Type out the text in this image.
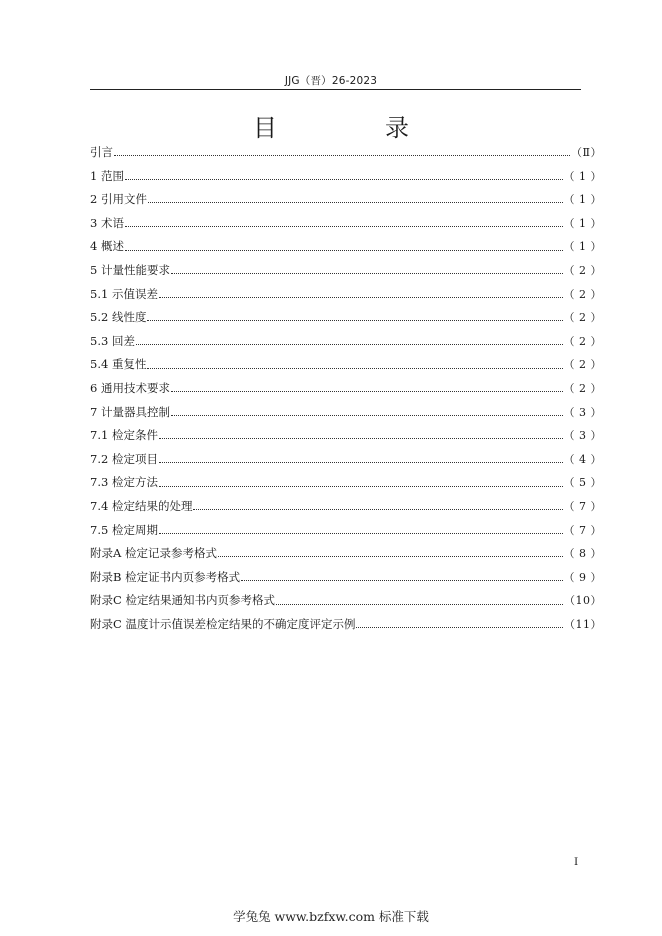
JJG（晋）26-2023
目　录
引言	（Ⅱ）
1 范围	（ 1 ）
2 引用文件	（ 1 ）
3 术语	（ 1 ）
4 概述	（ 1 ）
5 计量性能要求	（ 2 ）
5.1 示值误差	（ 2 ）
5.2 线性度	（ 2 ）
5.3 回差	（ 2 ）
5.4 重复性	（ 2 ）
6 通用技术要求	（ 2 ）
7 计量器具控制	（ 3 ）
7.1 检定条件	（ 3 ）
7.2 检定项目	（ 4 ）
7.3 检定方法	（ 5 ）
7.4 检定结果的处理	（ 7 ）
7.5 检定周期	（ 7 ）
附录A 检定记录参考格式	（ 8 ）
附录B 检定证书内页参考格式	（ 9 ）
附录C 检定结果通知书内页参考格式	（10）
附录C 温度计示值误差检定结果的不确定度评定示例	（11）
I
学兔兔 www.bzfxw.com 标准下载
